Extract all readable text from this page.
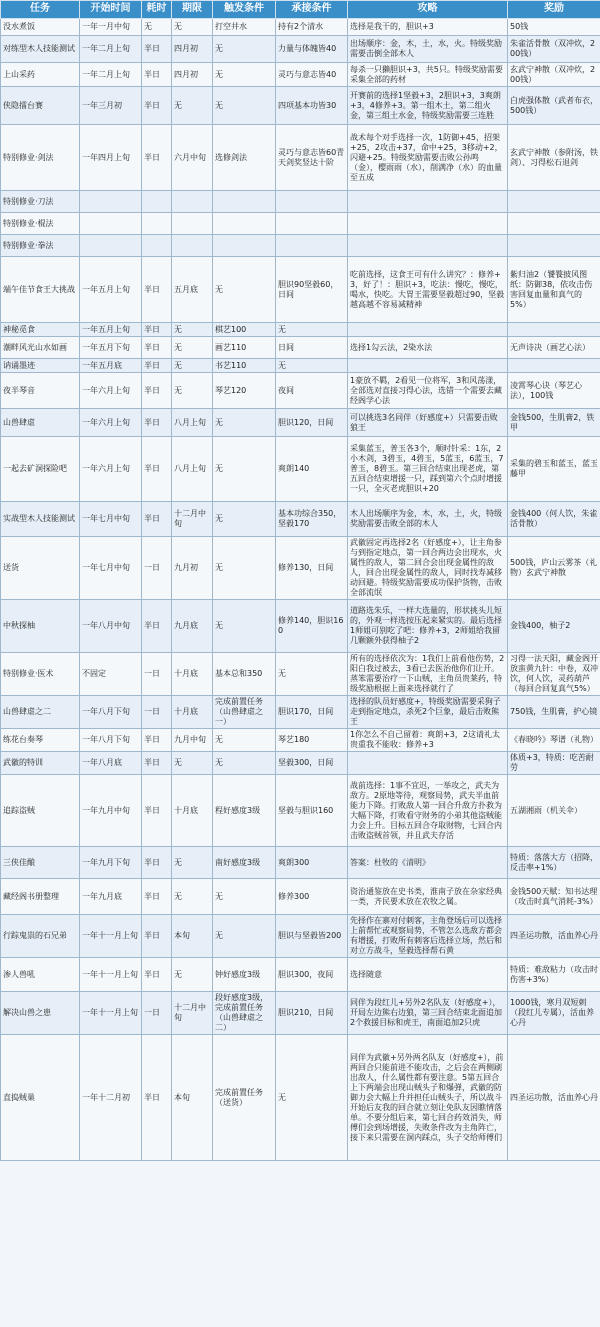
任务	开始时间	耗时	期限	触发条件	承接条件	攻略	奖励
没水煮饭	一年一月中旬	无	无	打空井水	持有2个清水	选择是我干的，胆识+3	50钱
对练型木人技能测试	一年二月上旬	半日	四月初	无	力量与体魄皆40	出场顺序：金，木，土，水，火。特级奖励需要击倒全部木人	朱雀活骨散（双冲炊，200钱）
上山采药	一年二月上旬	半日	四月初	无	灵巧与意志皆40	每杀一只獭胆识+3，共5只。特级奖励需要采集全部的药材	玄武宁神散（双冲炊，200钱）
侠隐擂台赛	一年三月初	半日	无	无	四项基本功皆30	开赛前的选择1坚毅+3，2胆识+3，3爽朗+3，4修养+3。第一组木土，第二组火金，第三组土水金，特级奖励需要三连胜	白虎强体散（武者布衣，500钱）
特别修业·剑法	一年四月上旬	半日	六月中旬	选修剑法	灵巧与意志皆60青天剑奖竖达十阶	战术每个对手选择一次，1防御+45，招架+25，2攻击+37，命中+25，3移动+2，闪避+25。特级奖励需要击败公孙鸣（金），樱雨雨（水），削满净（水）的血量至五成	玄武宁神散（参附汤，铁剑）、习得松石退剑
特别修业·刀法							
特别修业·棍法							
特别修业·拳法							
端午佳节食王大挑战	一年五月上旬	半日	五月底	无	胆识90坚毅60，日间	吃前选择，这食王可有什么讲究？：修养+3，好了！：胆识+3，吃法：慢吃，慢吃，喝水，快吃。大胃王需要坚毅超过90，坚毅越高越不容易减精神	紫归油2（饕餮披风图纸：防御38，依攻击伤害回复血量和真气的5%）
神秘觅食	一年五月上旬	半日	无	棋艺100	无		
潮畔风光山水如画	一年五月下旬	半日	无	画艺110	日间	选择1勾云法，2染水法	无声诗决（画艺心法）
讷诵墨迹	一年五月底	半日	无	书艺110	无		
夜半琴音	一年六月上旬	半日	无	琴艺120	夜间	1豪放不羁，2看见一位将军，3和风荡漾，全部选对直接习得心法，选错一个需要去藏经阁学心法	凌霄琴心诀（琴艺心法），100钱
山兽肆虐	一年六月上旬	半日	八月上旬	无	胆识120，日间	可以挑选3名同伴（好感度+）只需要击败狼王	金钱500，生肌膏2，铁甲
一起去矿洞探险吧	一年六月上旬	半日	八月上旬	无	爽朗140	采集蓝玉，普玉各3个，顺时针采：1东，2小木剑，3碧玉，4碧玉，5蓝玉，6蓝玉，7普玉，8碧玉。第三回合结束出现老虎，第五回合结束增援一只，踩到第六个点时增援一只，全灭老虎胆识+20	采集的碧玉和蓝玉，蓝玉藤甲
实战型木人技能测试	一年七月中旬	半日	十二月中旬	无	基本功综合350，坚毅170	木人出场顺序为金，木，水，土，火，特级奖励需要击败全部的木人	金钱400（何人饮，朱雀活骨散）
送货	一年七月中旬	一日	九月初	无	修养130，日间	武徽固定再选择2名（好感度+），让主角参与到指定地点，第一回合两边会出现水，火属性的敌人，第二回合会出现金属性的敌人，回合出现金属性的敌人，同时找寿减移动回避。特级奖励需要成功保护货物，击败全部流氓	500钱，庐山云雾茶（礼物）玄武宁神散
中秋探柚	一年八月中旬	半日	九月底	无	修养140，胆识160	道路选朱乐，一样大选量的，形状挑头儿短的，外观一样选按压起来紧实的。最后选择1师姐可别吃了吧：修养+3，2师姐给我留几颗额外获得柚子2	金钱400，柚子2
特别修业·医术	不固定	一日	十月底	基本总和350	无	所有的选择依次为：1我们上前看他伤势，2阳白我过被去，3看已去医治他你们让开。蒸笨需要治疗一下山贼，主角员贵莱药，特级奖励根据上面来选择就行了	习得一法天阳，藏金阁开放蛮黄九针：中卷，双冲饮，何人饮，灵药葫芦（每回合回复真气5%）
山兽肆虐之二	一年八月下旬	一日	十月底	完成前置任务（山兽肆虐之一）	胆识170，日间	选择的队员好感度+，特级奖励需要采狗子走到指定地点，杀死2个巨象，最后击败熊王	750钱，生肌膏，护心镜
练花台奏琴	一年八月下旬	半日	九月中旬	无	琴艺180	1你怎么不自己留着：爽朗+3，2这请礼太贵重我不能收：修养+3	《春晓吟》琴谱（礼物）
武徽的特训	一年八月底	半日	无	无	坚毅300，日间		体质+3，特质：吃苦耐劳
追踪盗贼	一年九月中旬	半日	十月底	程好感度3级	坚毅与胆识160	战前选择：1事不宜迟，一举攻之，武夫为敌方。2原地等待，观察局势，武夫半血前能力下降。打败敌人第一回合升敌方扑救为大幅下降，打败看守财务的小弟其他盗贼能力会上升。目标五回合夺取财物，七回合内击败盗贼首领，并且武夫存活	五湖湘雨（机关伞）
三侠佳酿	一年九月下旬	半日	无	南好感度3级	爽朗300	答案：杜牧的《清明》	特质：落落大方（招降，反击率+1%）
藏经阁书册整理	一年九月底	半日	无	无	修养300	资治通鉴放在史书类，淮南子放在杂家经典一类，齐民要术放在农牧之属。	金钱500天赋：知书达理（攻击时真气消耗-3%）
行踪鬼祟的石兄弟	一年十一月上旬	半日	本旬	无	胆识与坚毅皆200	先择作在寨对付刺客，主角登场后可以选择上前帮忙或观察局势，不管怎么选敌方都会有增援，打败所有刺客后选择立场，然后和对立方战斗，坚毅选择帮石黄	四圣运功散，活血养心丹
渗人兽吼	一年十一月上旬	半日	无	钟好感度3级	胆识300，夜间	选择随意	特质：难敌粘力（攻击时伤害+3%）
解决山兽之患	一年十一月上旬	一日	十二月中旬	段好感度3级，完成前置任务（山兽肆虐之二）	胆识210，日间	同伴为段红儿+另外2名队友（好感度+），开局左边熊右边狼，第三回合结束北面追加2个救援目标和虎王，南面追加2只虎	1000钱，寒月双短刺（段红儿专属），活血养心丹
直捣贼巢	一年十二月初	半日	本旬	完成前置任务（送货）	无	同伴为武徽+另外两名队友（好感度+），前两回合只能前进不能攻击，之后会在两侧刷出敌人，什么属性都有要注意。5第五回合上下两端会出现山贼头子和爆弹，武徽的防御力会大幅上升并担任山贼头子，所以战斗开始后友我的回合就立刻让免队友因瞧情落单。不要分组后来，第七回合药效消失，师傅们会到场增援，失败条件改为主角阵亡，接下来只需要在洞内踩点，头子交给师傅们	四圣运功散，活血养心丹
